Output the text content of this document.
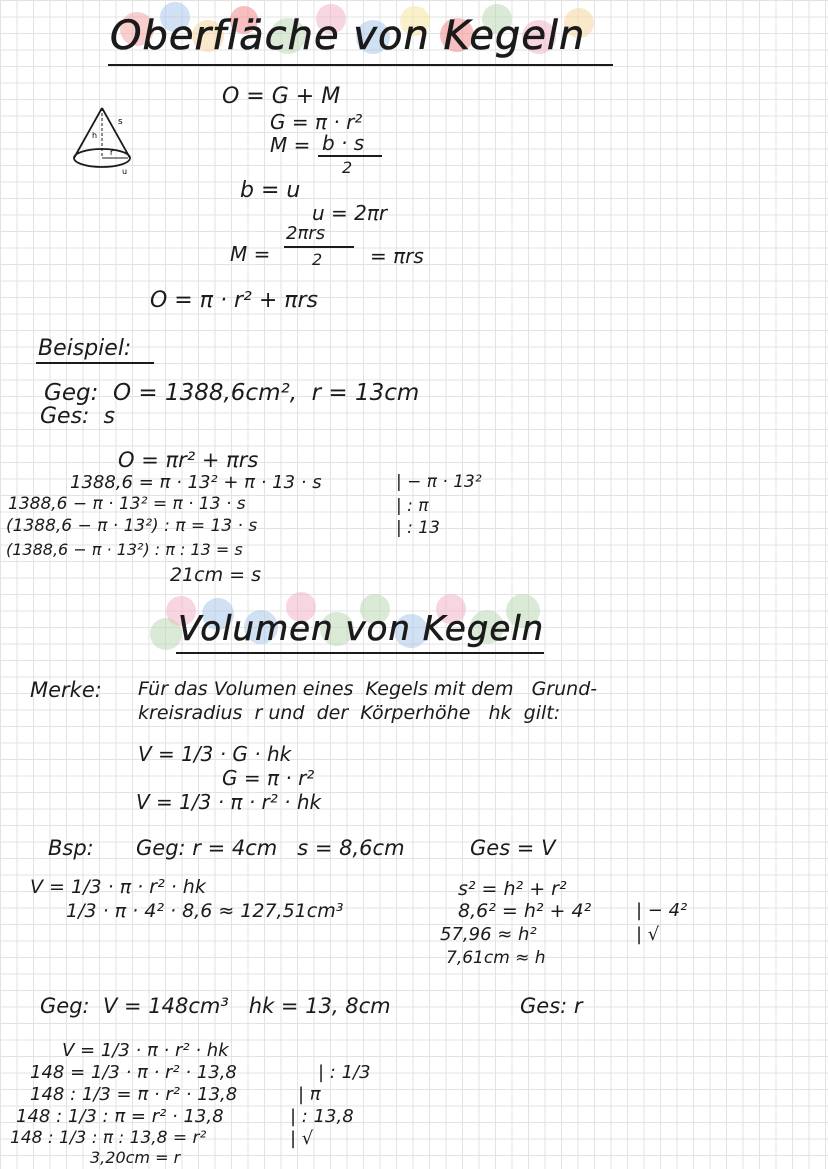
Oberfläche von Kegeln
s
h
r
u
O = G + M
G = π · r²
M = b · s
2
b = u
u = 2πr
M =
2πrs
2 = πrs
O = π · r² + πrs
Beispiel:
Geg:  O = 1388,6cm²,  r = 13cm
Ges:  s
O = πr² + πrs
1388,6 = π · 13² + π · 13 · s
1388,6 − π · 13² = π · 13 · s
(1388,6 − π · 13²) : π = 13 · s
(1388,6 − π · 13²) : π : 13 = s
21cm = s
| − π · 13²
| : π
| : 13
Volumen von Kegeln
Merke: Für das Volumen eines  Kegels mit dem   Grund-
kreisradius  r und  der  Körperhöhe   hk  gilt:
V = 1/3 · G · hk
G = π · r²
V = 1/3 · π · r² · hk
Bsp: Geg: r = 4cm   s = 8,6cm	Ges = V
V = 1/3 · π · r² · hk
1/3 · π · 4² · 8,6 ≈ 127,51cm³
s² = h² + r²
8,6² = h² + 4²
57,96 ≈ h²
7,61cm ≈ h
| − 4²
| √
Geg:  V = 148cm³   hk = 13, 8cm	Ges: r
V = 1/3 · π · r² · hk
148 = 1/3 · π · r² · 13,8
148 : 1/3 = π · r² · 13,8
148 : 1/3 : π = r² · 13,8
148 : 1/3 : π : 13,8 = r²
3,20cm = r
| : 1/3
| π
| : 13,8
| √
